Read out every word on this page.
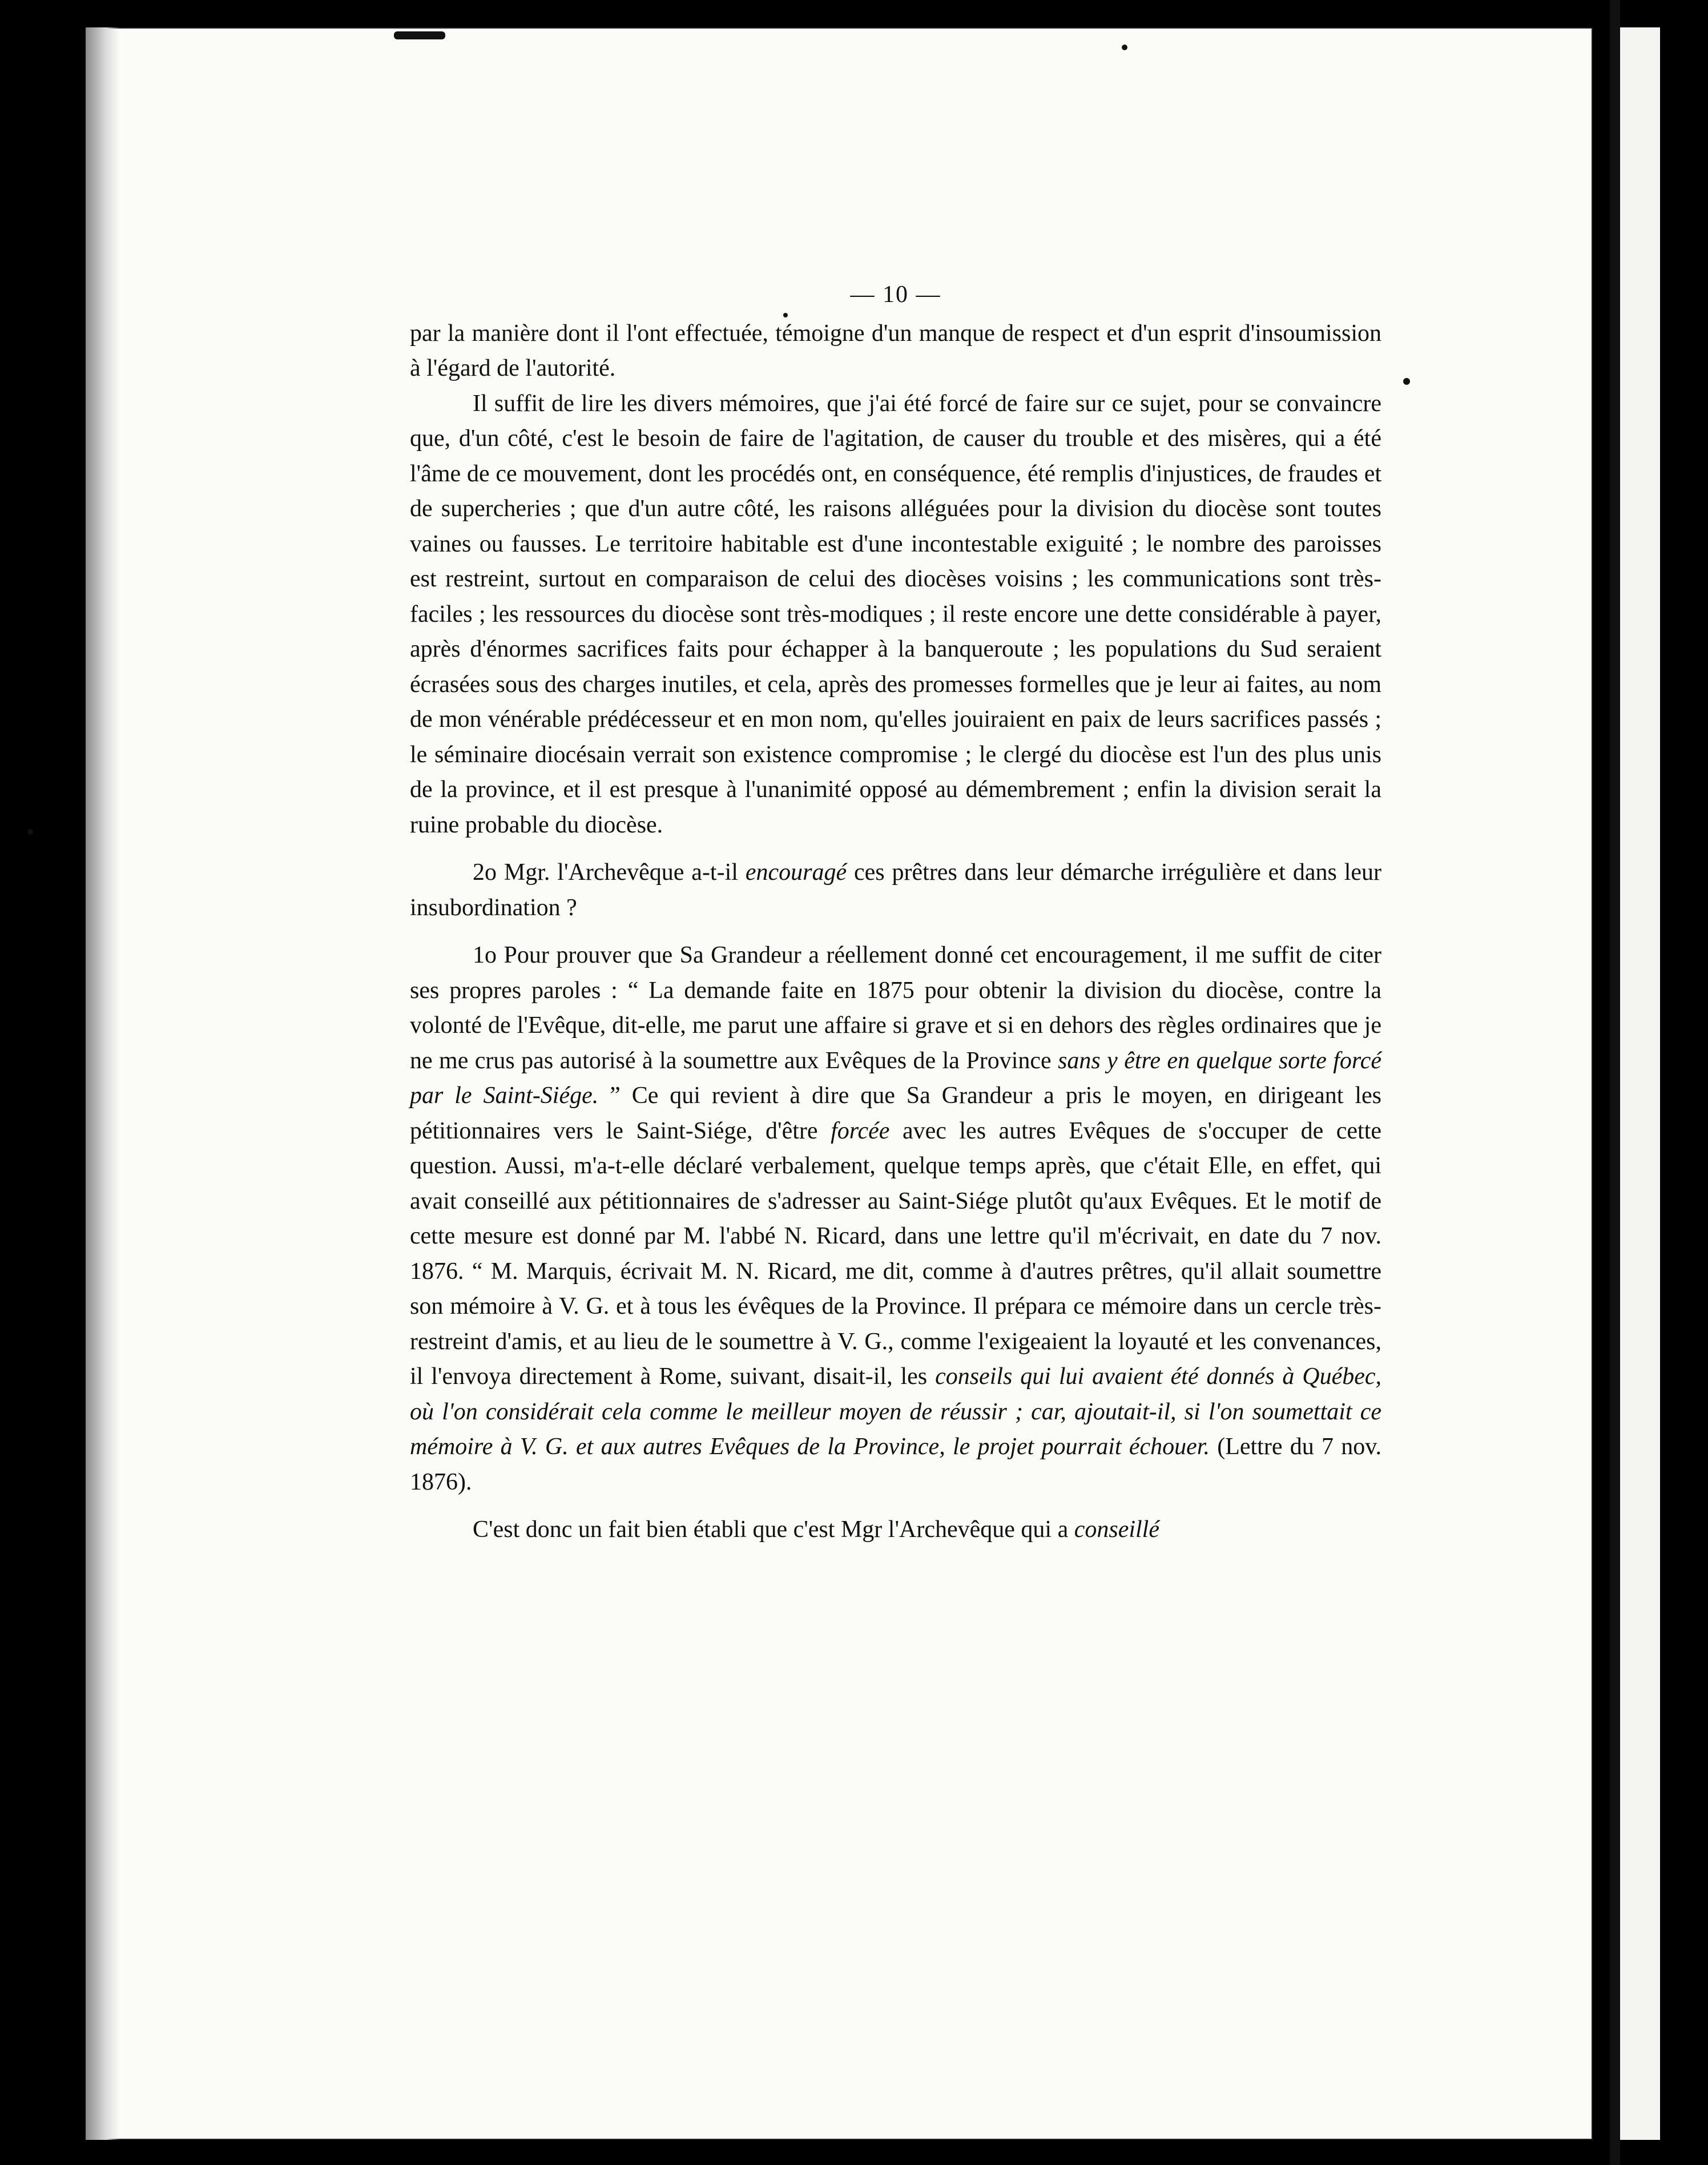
— 10 —

par la manière dont il l'ont effectuée, témoigne d'un manque de respect et d'un esprit d'insoumission à l'égard de l'autorité.

Il suffit de lire les divers mémoires, que j'ai été forcé de faire sur ce sujet, pour se convaincre que, d'un côté, c'est le besoin de faire de l'agitation, de causer du trouble et des misères, qui a été l'âme de ce mouvement, dont les procédés ont, en conséquence, été remplis d'injustices, de fraudes et de supercheries ; que d'un autre côté, les raisons alléguées pour la division du diocèse sont toutes vaines ou fausses. Le territoire habitable est d'une incontestable exiguité ; le nombre des paroisses est restreint, surtout en comparaison de celui des diocèses voisins ; les communications sont très-faciles ; les ressources du diocèse sont très-modiques ; il reste encore une dette considérable à payer, après d'énormes sacrifices faits pour échapper à la banqueroute ; les populations du Sud seraient écrasées sous des charges inutiles, et cela, après des promesses formelles que je leur ai faites, au nom de mon vénérable prédécesseur et en mon nom, qu'elles jouiraient en paix de leurs sacrifices passés ; le séminaire diocésain verrait son existence compromise ; le clergé du diocèse est l'un des plus unis de la province, et il est presque à l'unanimité opposé au démembrement ; enfin la division serait la ruine probable du diocèse.

2o Mgr. l'Archevêque a-t-il encouragé ces prêtres dans leur démarche irrégulière et dans leur insubordination ?

1o Pour prouver que Sa Grandeur a réellement donné cet encouragement, il me suffit de citer ses propres paroles : “ La demande faite en 1875 pour obtenir la division du diocèse, contre la volonté de l'Evêque, dit-elle, me parut une affaire si grave et si en dehors des règles ordinaires que je ne me crus pas autorisé à la soumettre aux Evêques de la Province sans y être en quelque sorte forcé par le Saint-Siége. ” Ce qui revient à dire que Sa Grandeur a pris le moyen, en dirigeant les pétitionnaires vers le Saint-Siége, d'être forcée avec les autres Evêques de s'occuper de cette question. Aussi, m'a-t-elle déclaré verbalement, quelque temps après, que c'était Elle, en effet, qui avait conseillé aux pétitionnaires de s'adresser au Saint-Siége plutôt qu'aux Evêques. Et le motif de cette mesure est donné par M. l'abbé N. Ricard, dans une lettre qu'il m'écrivait, en date du 7 nov. 1876. “ M. Marquis, écrivait M. N. Ricard, me dit, comme à d'autres prêtres, qu'il allait soumettre son mémoire à V. G. et à tous les évêques de la Province. Il prépara ce mémoire dans un cercle très-restreint d'amis, et au lieu de le soumettre à V. G., comme l'exigeaient la loyauté et les convenances, il l'envoya directement à Rome, suivant, disait-il, les conseils qui lui avaient été donnés à Québec, où l'on considérait cela comme le meilleur moyen de réussir ; car, ajoutait-il, si l'on soumettait ce mémoire à V. G. et aux autres Evêques de la Province, le projet pourrait échouer. (Lettre du 7 nov. 1876).

C'est donc un fait bien établi que c'est Mgr l'Archevêque qui a conseillé
